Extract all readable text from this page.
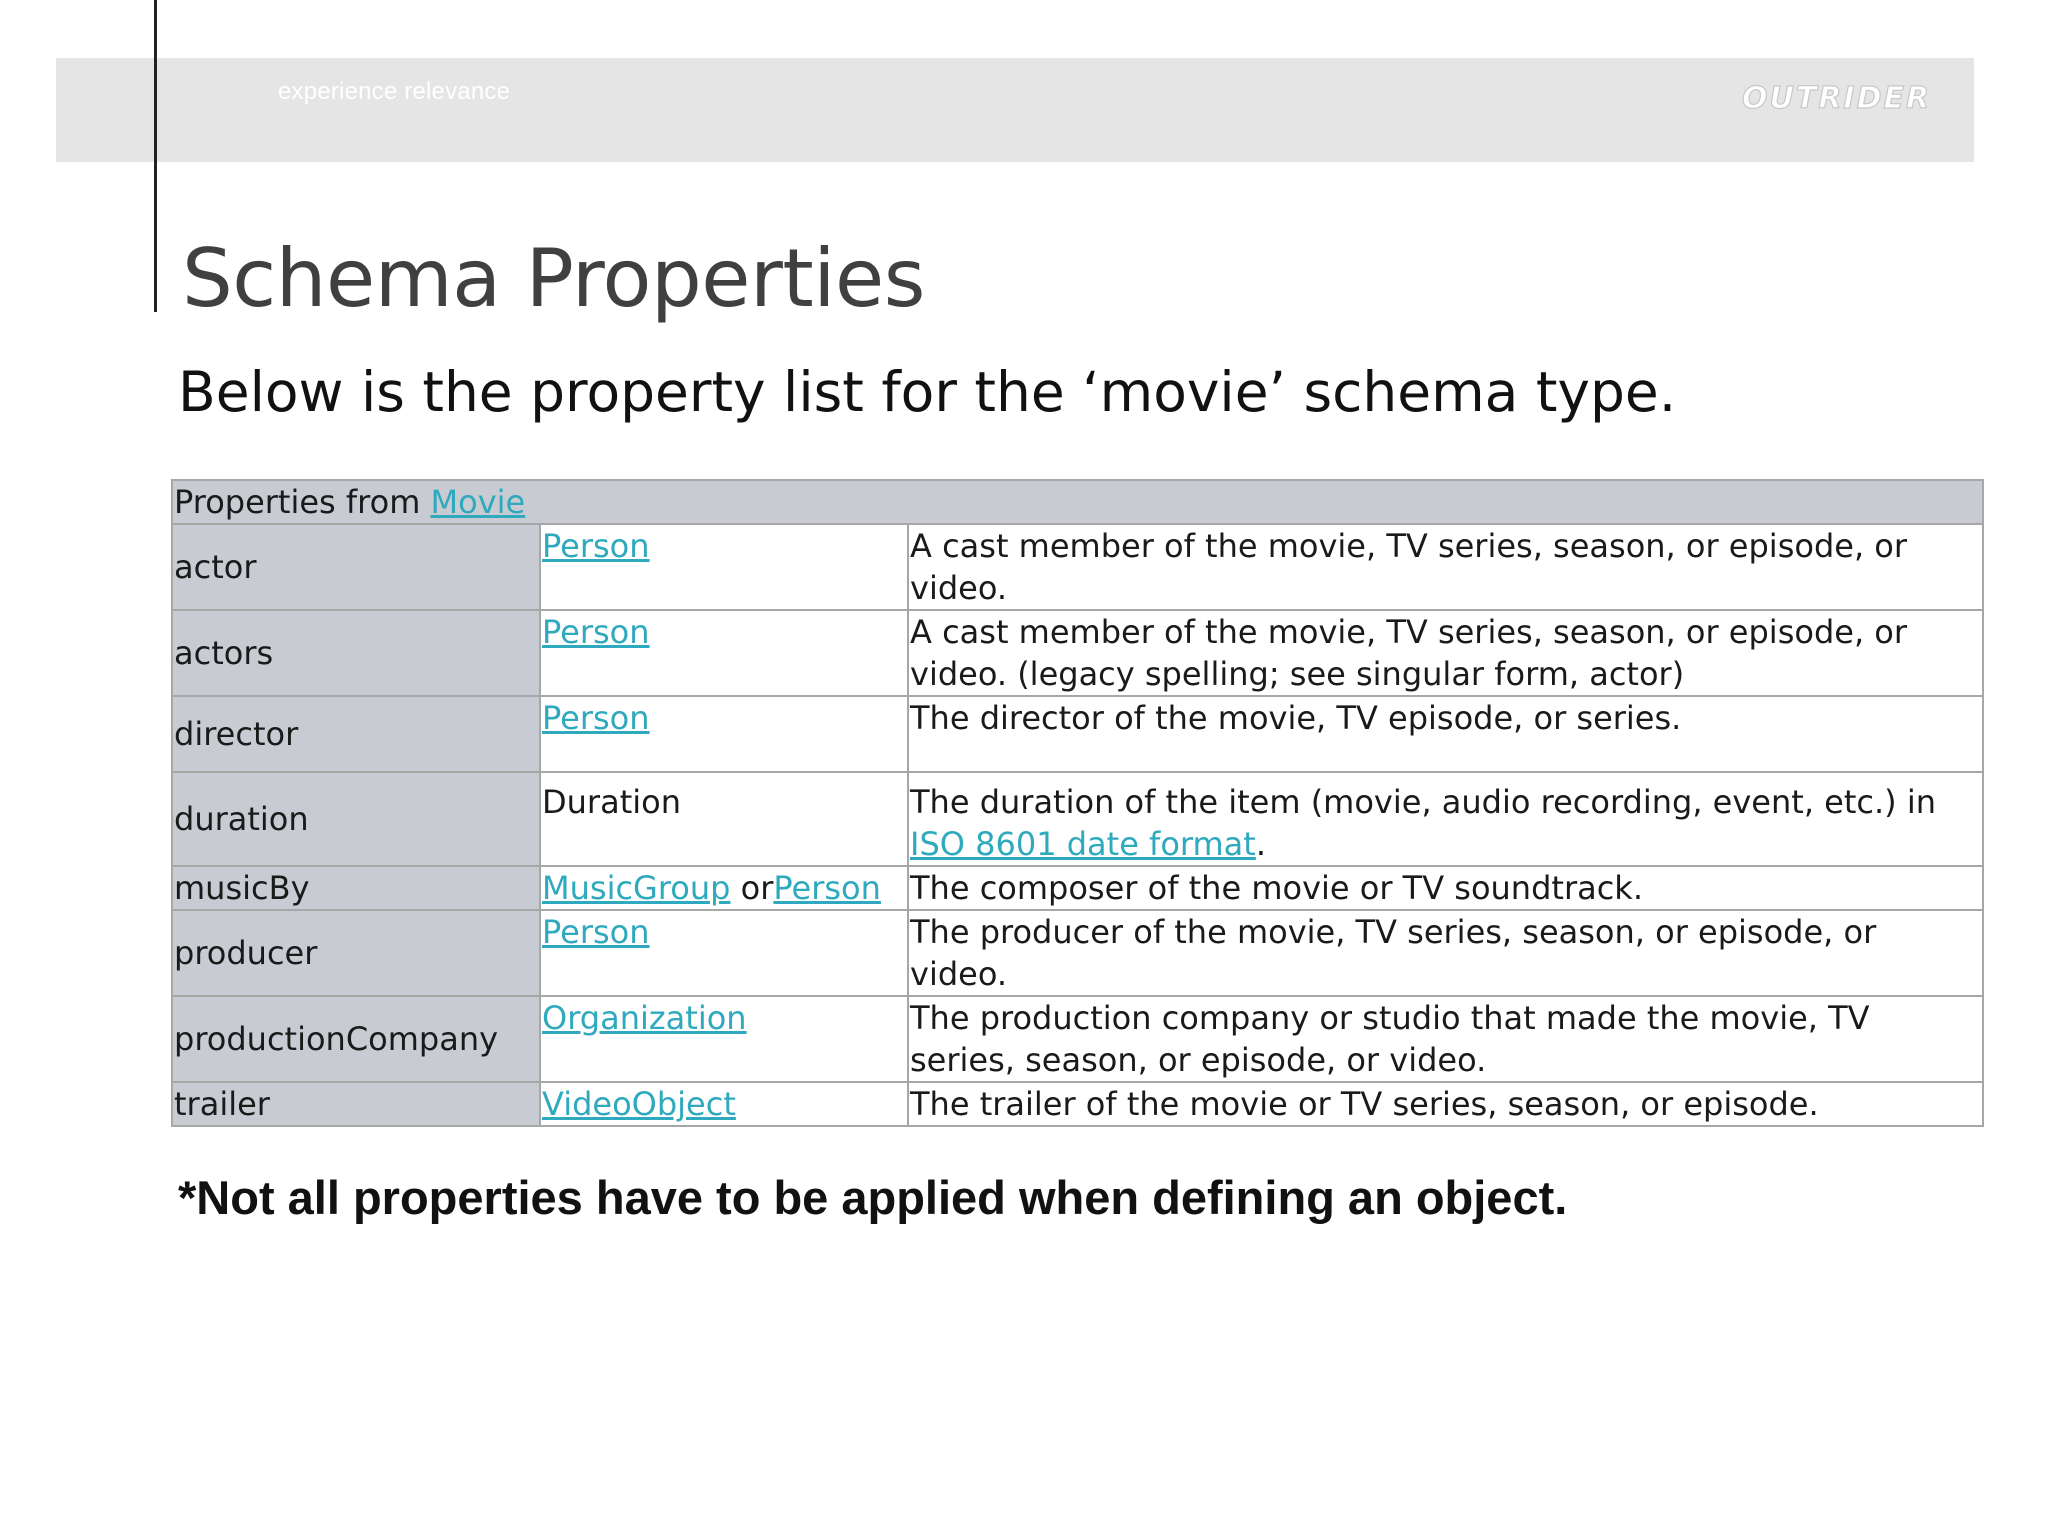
experience relevance	OUTRIDER
Schema Properties

Below is the property list for the ‘movie’ schema type.

Properties from Movie		
actor	Person	A cast member of the movie, TV series, season, or episode, or video.
actors	Person	A cast member of the movie, TV series, season, or episode, or video. (legacy spelling; see singular form, actor)
director	Person	The director of the movie, TV episode, or series.
duration	Duration	The duration of the item (movie, audio recording, event, etc.) in ISO 8601 date format.
musicBy	MusicGroup orPerson	The composer of the movie or TV soundtrack.
producer	Person	The producer of the movie, TV series, season, or episode, or video.
productionCompany	Organization	The production company or studio that made the movie, TV series, season, or episode, or video.
trailer	VideoObject	The trailer of the movie or TV series, season, or episode.

*Not all properties have to be applied when defining an object.
